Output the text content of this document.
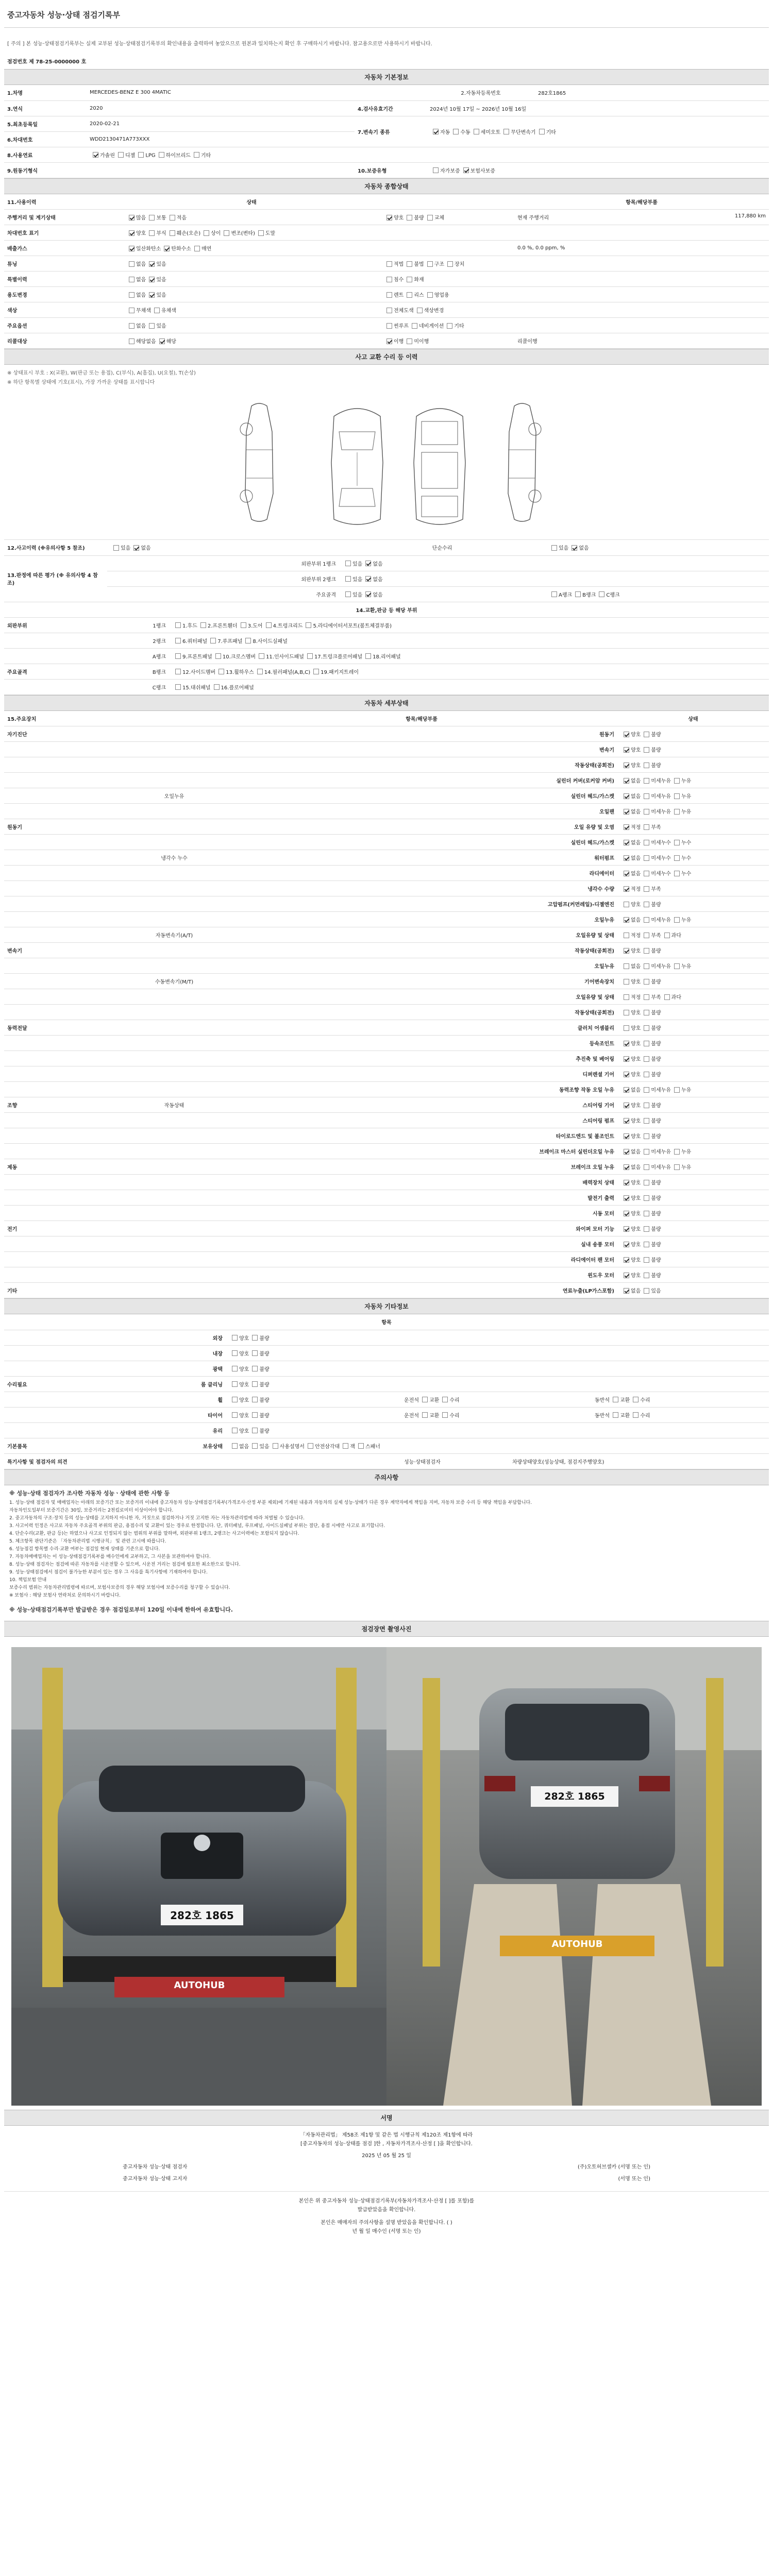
중고자동차 성능·상태 점검기록부
[ 주의 ] 본 성능·상태점검기록부는 실제 교부된 성능·상태점검기록부의 확인내용을 출력하여 놓았으므로 원본과 일치하는지 확인 후 구매하시기 바랍니다. 참고용으로만 사용하시기 바랍니다.
점검번호 제 78-25-0000000 호
자동차 기본정보
1.차명	MERCEDES-BENZ E 300 4MATIC		2.자동차등록번호	282호1865
3.연식	2020	4.검사유효기간	2024년 10월 17일 ~ 2026년 10월 16일	
5.최초등록일	2020-02-21	7.변속기 종류	자동 수동 세미오토 무단변속기 기타	
6.차대번호	WDD2130471A773XXX			
8.사용연료	가솔린 디젤 LPG 하이브리드 기타			
9.원동기형식		10.보증유형	자가보증 보험사보증	
자동차 종합상태
11.사용이력	상태		항목/해당부품
주행거리 및 계기상태	많음 보통 적음	양호 불량 교체	현재 주행거리 117,880 km

차대번호 표기	양호 부식 훼손(오손) 상이 변조(변타) 도말		
배출가스	일산화탄소 탄화수소 매연		0.0 %, 0.0 ppm, %
튜닝	없음 있음	적법 불법 구조 장치	
특별이력	없음 있음	침수 화재	
용도변경	없음 있음	렌트 리스 영업용	
색상	무채색 유채색	전체도색 색상변경	
주요옵션	없음 있음	썬루프 네비게이션 기타	
리콜대상	해당없음 해당	이행 미이행	리콜이행
사고 교환 수리 등 이력
※ 상태표시 부호 : X(교환), W(판금 또는 용접), C(부식), A(흠집), U(요철), T(손상)
※ 하단 항목별 상태에 기호(표시), 가장 가까운 상태를 표시합니다
12.사고이력 (※유의사항 5 참조)	있음 없음		단순수리	있음 없음
13.판정에 따른 평가 (※ 유의사항 4 참조)		외판부위 1랭크	있음 없음	
		외판부위 2랭크	있음 없음	
		주요골격	있음 없음	A랭크 B랭크 C랭크
14.교환,판금 등 해당 부위				
외판부위	1랭크	1.후드 2.프론트휀더 3.도어 4.트렁크리드 5.라디에이터서포트(볼트체결부품)		
	2랭크	6.쿼터패널 7.루프패널 8.사이드실패널		
	A랭크	9.프론트패널 10.크로스멤버 11.인사이드패널 17.트렁크플로어패널 18.리어패널		
주요골격	B랭크	12.사이드멤버 13.휠하우스 14.필러패널(A,B,C) 19.패키지트레이		
	C랭크	15.대쉬패널 16.플로어패널		
자동차 세부상태
15.주요장치		항목/해당부품		상태
자기진단			원동기	양호 불량
			변속기	양호 불량
			작동상태(공회전)	양호 불량
			실린더 커버(로커암 커버)	없음 미세누유 누유
	오일누유		실린더 헤드/가스켓	없음 미세누유 누유
			오일팬	없음 미세누유 누유
원동기			오일 유량 및 오염	적정 부족
			실린더 헤드/가스켓	없음 미세누수 누수
	냉각수 누수		워터펌프	없음 미세누수 누수
			라디에이터	없음 미세누수 누수
			냉각수 수량	적정 부족
			고압펌프(커먼레일)-디젤엔진	양호 불량
			오일누유	없음 미세누유 누유
	자동변속기(A/T)		오일유량 및 상태	적정 부족 과다
변속기			작동상태(공회전)	양호 불량
			오일누유	없음 미세누유 누유
	수동변속기(M/T)		기어변속장치	양호 불량
			오일유량 및 상태	적정 부족 과다
			작동상태(공회전)	양호 불량
동력전달			클러치 어셈블리	양호 불량
			등속조인트	양호 불량
			추진축 및 베어링	양호 불량
			디퍼렌셜 기어	양호 불량
			동력조향 작동 오일 누유	없음 미세누유 누유
조향	작동상태		스티어링 기어	양호 불량
			스티어링 펌프	양호 불량
			타이로드엔드 및 볼조인트	양호 불량
			브레이크 마스터 실린더오일 누유	없음 미세누유 누유
제동			브레이크 오일 누유	없음 미세누유 누유
			배력장치 상태	양호 불량
			발전기 출력	양호 불량
			시동 모터	양호 불량
전기			와이퍼 모터 기능	양호 불량
			실내 송풍 모터	양호 불량
			라디에이터 팬 모터	양호 불량
			윈도우 모터	양호 불량
기타			연료누출(LP가스포함)	없음 있음
자동차 기타정보
항목				
	외장	양호 불량		
	내장	양호 불량		
	광택	양호 불량		
수리필요	룸 클리닝	양호 불량		
	휠	양호 불량	운전석 교환 수리	동반석 교환 수리
	타이어	양호 불량	운전석 교환 수리	동반석 교환 수리
	유리	양호 불량		
기본품목	보유상태	없음 있음 사용설명서 안전삼각대 잭 스패너		
특기사항 및 점검자의 의견		성능·상태점검자	차량상태양호(성능상태, 점검지주행양호)
주의사항
※ 성능·상태 점검자가 조사한 자동차 성능ㆍ상태에 관한 사항 등
1. 성능·상태 점검자 및 매매업자는 아래의 보증기간 또는 보증거리 이내에 중고자동차 성능·상태점검기록부(가격조사·산정 부분 제외)에 기재된 내용과 자동차의 실제 성능·상태가 다른 경우 계약자에게 책임을 지며, 자동차 보증 수리 등 해당 책임을 부담합니다.
자동차인도일부터 보증기간은 30일, 보증거리는 2천킬로미터 이상이어야 합니다.
2. 중고자동차의 구조·장치 등의 성능·상태를 고지하지 아니한 자, 거짓으로 점검하거나 거짓 고지한 자는 자동차관리법에 따라 처벌될 수 있습니다.
3. 사고이력 인정은 사고로 자동차 주요골격 부위의 판금, 용접수리 및 교환이 있는 경우로 한정합니다. 단, 쿼터패널, 루프패널, 사이드실패널 부위는 절단, 용접 시에만 사고로 표기합니다.
4. 단순수리(교환, 판금 등)는 하였으나 사고로 인정되지 않는 범위의 부위를 말하며, 외판부위 1랭크, 2랭크는 사고이력에는 포함되지 않습니다.
5. 체크항목 판단기준은 「자동차관리법 시행규칙」 및 관련 고시에 따릅니다.
6. 성능점검 항목별 수리·교환 여부는 점검일 현재 상태를 기준으로 합니다.
7. 자동차매매업자는 이 성능·상태점검기록부를 매수인에게 교부하고, 그 사본을 보관하여야 합니다.
8. 성능·상태 점검자는 점검에 따른 자동차를 시운전할 수 있으며, 시운전 거리는 점검에 필요한 최소한으로 합니다.
9. 성능·상태점검에서 점검이 불가능한 부분이 있는 경우 그 사유를 특기사항에 기재하여야 합니다.
10. 책임보험 안내
보증수리 범위는 자동차관리법령에 따르며, 보험사보증의 경우 해당 보험사에 보증수리를 청구할 수 있습니다.
※ 보험사 : 해당 보험사 연락처로 문의하시기 바랍니다.
※ 성능·상태점검기록부만 발급받은 경우 점검일로부터 120일 이내에 한하여 유효합니다.
점검장면 촬영사진
282호 1865
AUTOHUB
282호 1865
AUTOHUB
서명
「자동차관리법」 제58조 제1항 및 같은 법 시행규칙 제120조 제1항에 따라
[중고자동차의 성능·상태를 점검 ]한 , 자동차가격조사·산정 [ ]을 확인합니다.
2025 년 05 월 25 일
중고자동차 성능·상태 점검자	(주)오토허브셀카 (서명 또는 인)
중고자동차 성능·상태 고지자	(서명 또는 인)
본인은 위 중고자동차 성능·상태점검기록부(자동차가격조사·산정 [ ]를 포함)를
발급받았음을 확인합니다.
본인은 매매자의 주의사항을 설명 받았음을 확인합니다. ( )
년 월 일 매수인 (서명 또는 인)
